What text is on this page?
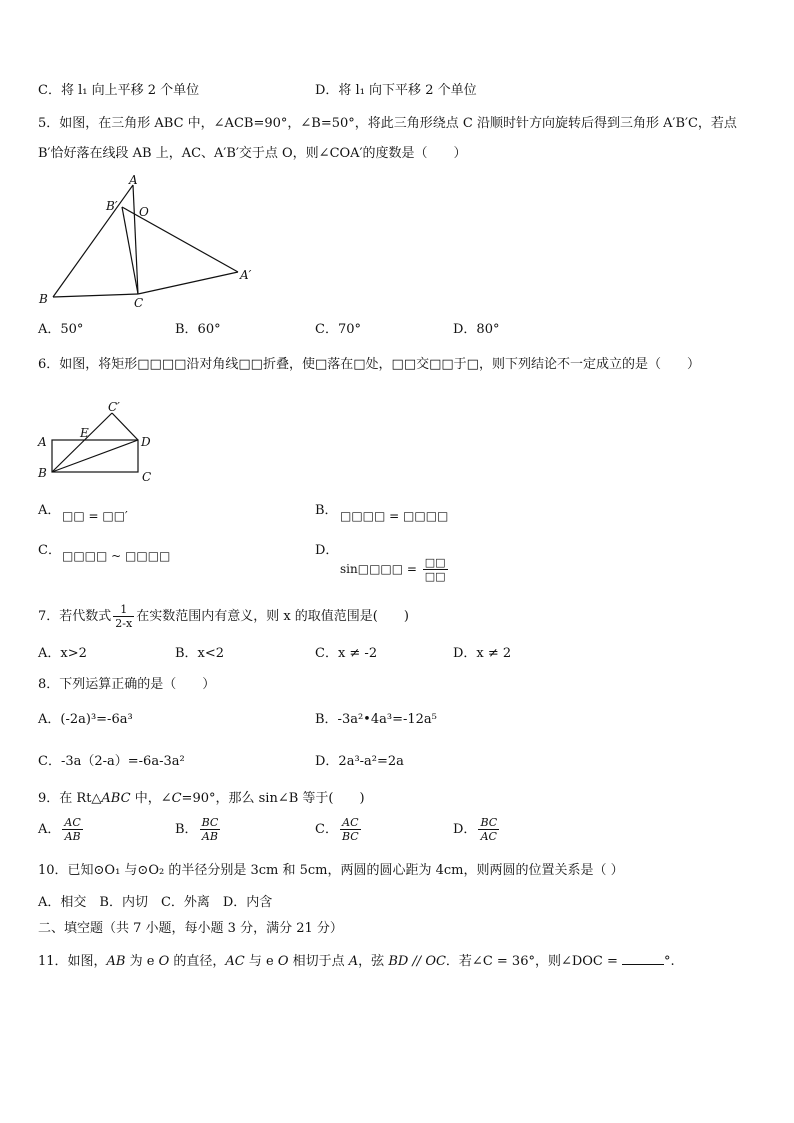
C．将 l₁ 向上平移 2 个单位	D．将 l₁ 向下平移 2 个单位
5．如图，在三角形 ABC 中，∠ACB=90°，∠B=50°，将此三角形绕点 C 沿顺时针方向旋转后得到三角形 A′B′C，若点
B′恰好落在线段 AB 上，AC、A′B′交于点 O，则∠COA′的度数是（　　）
A
B′ O
A′
B	C
A．50°	B．60°	C．70°	D．80°
6．如图，将矩形□□□□沿对角线□□折叠，使□落在□处，□□交□□于□，则下列结论不一定成立的是（　　）
C′
A
E
D
B	C
A． □□ = □□′	B． □□□□ = □□□□
C． □□□□ ~ □□□□	D．
sin□□□□ = $\frac{□□}{□□}$
7．若代数式 $\frac{1}{2-x}$ 在实数范围内有意义，则 x 的取值范围是(　　)
A．x>2	B．x<2	C．x ≠ -2	D．x ≠ 2
8．下列运算正确的是（　　）
A．(-2a)³=-6a³	B．-3a²•4a³=-12a⁵
C．-3a（2-a）=-6a-3a²	D．2a³-a²=2a
9．在 Rt△ABC 中，∠C=90°，那么 sin∠B 等于(　　)
A． $\frac{AC}{AB}$	B． $\frac{BC}{AB}$	C． $\frac{AC}{BC}$	D． $\frac{BC}{AC}$
10．已知⊙O₁ 与⊙O₂ 的半径分别是 3cm 和 5cm，两圆的圆心距为 4cm，则两圆的位置关系是（ ）
A．相交　B．内切　C．外离　D．内含
二、填空题（共 7 小题，每小题 3 分，满分 21 分）
11．如图，AB 为 e O 的直径，AC 与 e O 相切于点 A，弦 BD // OC．若∠C = 36°，则∠DOC =	°.
